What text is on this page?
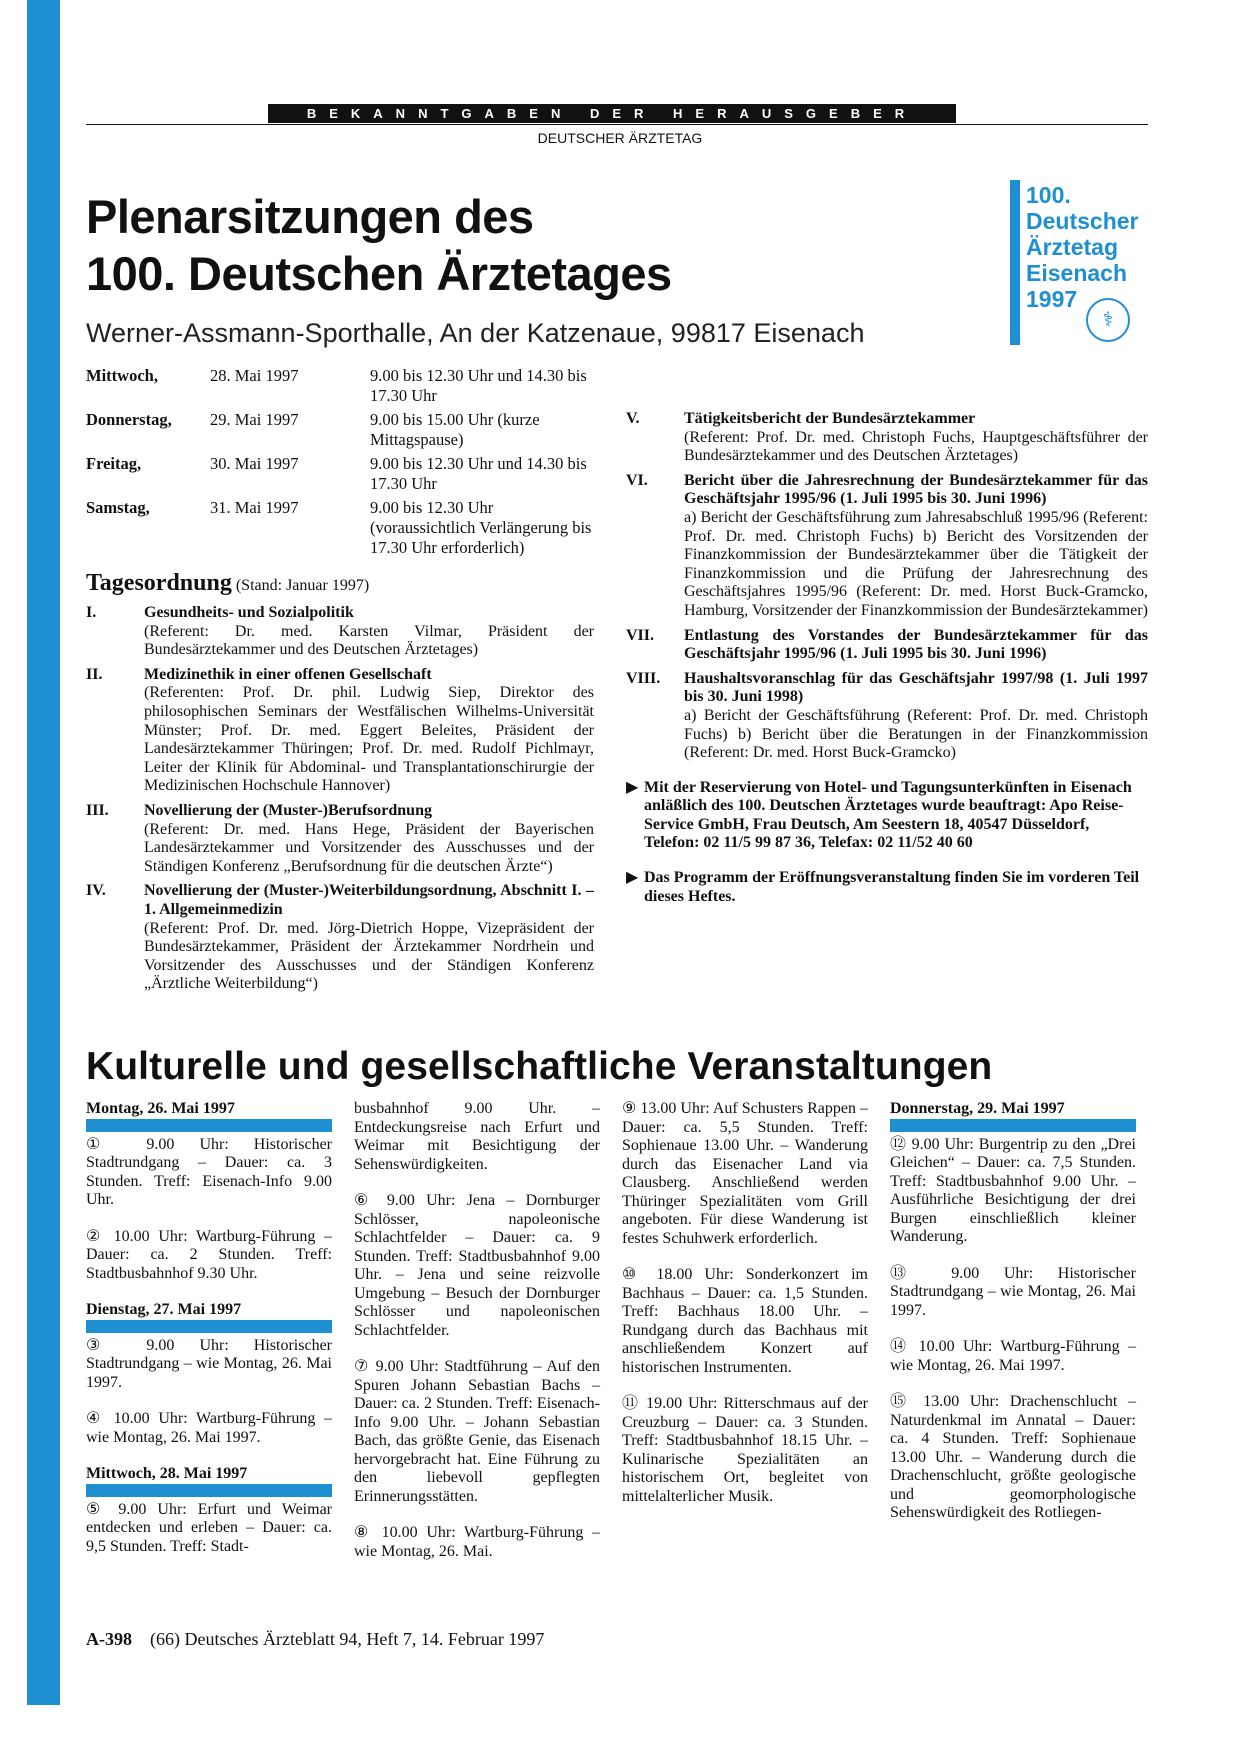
BEKANNTGABEN DER HERAUSGEBER
DEUTSCHER ÄRZTETAG
Plenarsitzungen des
100. Deutschen Ärztetages
Werner-Assmann-Sporthalle, An der Katzenaue, 99817 Eisenach
100.
Deutscher
Ärztetag
Eisenach
1997
⚕
Mittwoch,	28. Mai 1997	9.00 bis 12.30 Uhr und 14.30 bis 17.30 Uhr
Donnerstag,	29. Mai 1997	9.00 bis 15.00 Uhr (kurze Mittagspause)
Freitag,	30. Mai 1997	9.00 bis 12.30 Uhr und 14.30 bis 17.30 Uhr
Samstag,	31. Mai 1997	9.00 bis 12.30 Uhr (voraussichtlich Verlängerung bis 17.30 Uhr erforderlich)
Tagesordnung (Stand: Januar 1997)
I.	Gesundheits- und Sozialpolitik
(Referent: Dr. med. Karsten Vilmar, Präsident der Bundesärztekammer und des Deutschen Ärztetages)
II.	Medizinethik in einer offenen Gesellschaft
(Referenten: Prof. Dr. phil. Ludwig Siep, Direktor des philosophischen Seminars der Westfälischen Wilhelms-Universität Münster; Prof. Dr. med. Eggert Beleites, Präsident der Landesärztekammer Thüringen; Prof. Dr. med. Rudolf Pichlmayr, Leiter der Klinik für Abdominal- und Transplantationschirurgie der Medizinischen Hochschule Hannover)
III.	Novellierung der (Muster-)Berufsordnung
(Referent: Dr. med. Hans Hege, Präsident der Bayerischen Landesärztekammer und Vorsitzender des Ausschusses und der Ständigen Konferenz „Berufsordnung für die deutschen Ärzte“)
IV.	Novellierung der (Muster-)Weiterbildungsordnung, Abschnitt I. – 1. Allgemeinmedizin
(Referent: Prof. Dr. med. Jörg-Dietrich Hoppe, Vizepräsident der Bundesärztekammer, Präsident der Ärztekammer Nordrhein und Vorsitzender des Ausschusses und der Ständigen Konferenz „Ärztliche Weiterbildung“)
V.	Tätigkeitsbericht der Bundesärztekammer
(Referent: Prof. Dr. med. Christoph Fuchs, Hauptgeschäftsführer der Bundesärztekammer und des Deutschen Ärztetages)
VI.	Bericht über die Jahresrechnung der Bundesärztekammer für das Geschäftsjahr 1995/96 (1. Juli 1995 bis 30. Juni 1996)
a) Bericht der Geschäftsführung zum Jahresabschluß 1995/96 (Referent: Prof. Dr. med. Christoph Fuchs) b) Bericht des Vorsitzenden der Finanzkommission der Bundesärztekammer über die Tätigkeit der Finanzkommission und die Prüfung der Jahresrechnung des Geschäftsjahres 1995/96 (Referent: Dr. med. Horst Buck-Gramcko, Hamburg, Vorsitzender der Finanzkommission der Bundesärztekammer)
VII.	Entlastung des Vorstandes der Bundesärztekammer für das Geschäftsjahr 1995/96 (1. Juli 1995 bis 30. Juni 1996)
VIII.	Haushaltsvoranschlag für das Geschäftsjahr 1997/98 (1. Juli 1997 bis 30. Juni 1998)
a) Bericht der Geschäftsführung (Referent: Prof. Dr. med. Christoph Fuchs) b) Bericht über die Beratungen in der Finanzkommission (Referent: Dr. med. Horst Buck-Gramcko)
▶ Mit der Reservierung von Hotel- und Tagungsunterkünften in Eisenach anläßlich des 100. Deutschen Ärztetages wurde beauftragt: Apo Reise-Service GmbH, Frau Deutsch, Am Seestern 18, 40547 Düsseldorf, Telefon: 02 11/5 99 87 36, Telefax: 02 11/52 40 60
▶ Das Programm der Eröffnungsveranstaltung finden Sie im vorderen Teil dieses Heftes.
Kulturelle und gesellschaftliche Veranstaltungen
Montag, 26. Mai 1997

① 9.00 Uhr: Historischer Stadtrundgang – Dauer: ca. 3 Stunden. Treff: Eisenach-Info 9.00 Uhr.

② 10.00 Uhr: Wartburg-Führung – Dauer: ca. 2 Stunden. Treff: Stadtbusbahnhof 9.30 Uhr.

Dienstag, 27. Mai 1997

③ 9.00 Uhr: Historischer Stadtrundgang – wie Montag, 26. Mai 1997.

④ 10.00 Uhr: Wartburg-Führung – wie Montag, 26. Mai 1997.

Mittwoch, 28. Mai 1997

⑤ 9.00 Uhr: Erfurt und Weimar entdecken und erleben – Dauer: ca. 9,5 Stunden. Treff: Stadt-

busbahnhof 9.00 Uhr. – Entdeckungsreise nach Erfurt und Weimar mit Besichtigung der Sehenswürdigkeiten.

⑥ 9.00 Uhr: Jena – Dornburger Schlösser, napoleonische Schlachtfelder – Dauer: ca. 9 Stunden. Treff: Stadtbusbahnhof 9.00 Uhr. – Jena und seine reizvolle Umgebung – Besuch der Dornburger Schlösser und napoleonischen Schlachtfelder.

⑦ 9.00 Uhr: Stadtführung – Auf den Spuren Johann Sebastian Bachs – Dauer: ca. 2 Stunden. Treff: Eisenach-Info 9.00 Uhr. – Johann Sebastian Bach, das größte Genie, das Eisenach hervorgebracht hat. Eine Führung zu den liebevoll gepflegten Erinnerungsstätten.

⑧ 10.00 Uhr: Wartburg-Führung – wie Montag, 26. Mai.

⑨ 13.00 Uhr: Auf Schusters Rappen – Dauer: ca. 5,5 Stunden. Treff: Sophienaue 13.00 Uhr. – Wanderung durch das Eisenacher Land via Clausberg. Anschließend werden Thüringer Spezialitäten vom Grill angeboten. Für diese Wanderung ist festes Schuhwerk erforderlich.

⑩ 18.00 Uhr: Sonderkonzert im Bachhaus – Dauer: ca. 1,5 Stunden. Treff: Bachhaus 18.00 Uhr. – Rundgang durch das Bachhaus mit anschließendem Konzert auf historischen Instrumenten.

⑪ 19.00 Uhr: Ritterschmaus auf der Creuzburg – Dauer: ca. 3 Stunden. Treff: Stadtbusbahnhof 18.15 Uhr. – Kulinarische Spezialitäten an historischem Ort, begleitet von mittelalterlicher Musik.

Donnerstag, 29. Mai 1997

⑫ 9.00 Uhr: Burgentrip zu den „Drei Gleichen“ – Dauer: ca. 7,5 Stunden. Treff: Stadtbusbahnhof 9.00 Uhr. – Ausführliche Besichtigung der drei Burgen einschließlich kleiner Wanderung.

⑬ 9.00 Uhr: Historischer Stadtrundgang – wie Montag, 26. Mai 1997.

⑭ 10.00 Uhr: Wartburg-Führung – wie Montag, 26. Mai 1997.

⑮ 13.00 Uhr: Drachenschlucht – Naturdenkmal im Annatal – Dauer: ca. 4 Stunden. Treff: Sophienaue 13.00 Uhr. – Wanderung durch die Drachenschlucht, größte geologische und geomorphologische Sehenswürdigkeit des Rotliegen-

A-398 (66) Deutsches Ärzteblatt 94, Heft 7, 14. Februar 1997
